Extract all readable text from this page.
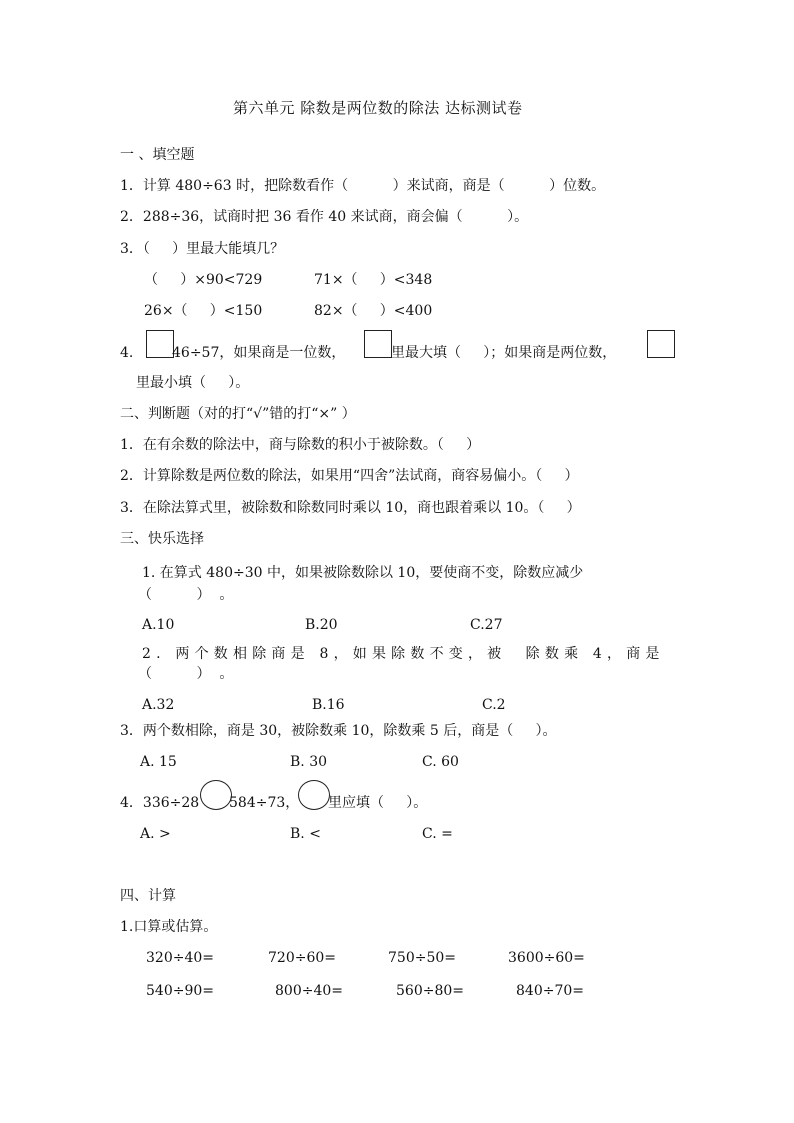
第六单元 除数是两位数的除法 达标测试卷
一 、填空题
1．计算 480÷63 时，把除数看作（          ）来试商，商是（          ）位数。
2．288÷36，试商时把 36 看作 40 来试商，商会偏（          ）。
3．（     ）里最大能填几？
（     ）×90<729	71×（     ）<348
26×（     ）<150	82×（     ）<400
4.	46÷57，如果商是一位数，	里最大填（     ）；如果商是两位数，
里最小填（     ）。
二、判断题（对的打“√”错的打“×” ）
1．在有余数的除法中，商与除数的积小于被除数。（     ）
2．计算除数是两位数的除法，如果用“四舍”法试商，商容易偏小。（     ）
3．在除法算式里，被除数和除数同时乘以 10，商也跟着乘以 10。（     ）
三、快乐选择
1. 在算式 480÷30 中，如果被除数除以 10，要使商不变，除数应减少
（          ）  。
A.10	B.20	C.27
2. 两个数相除商是 8，如果除数不变，被  除数乘 4，商是
（          ）  。
A.32	B.16	C.2
3．两个数相除，商是 30，被除数乘 10，除数乘 5 后，商是（     ）。
A. 15	B. 30	C. 60
4．336÷28 584÷73， 里应填（     ）。
A. >	B. <	C. =
四、计算
1.口算或估算。
320÷40=	720÷60=	750÷50=	3600÷60=
540÷90=	800÷40=	560÷80=	840÷70=
